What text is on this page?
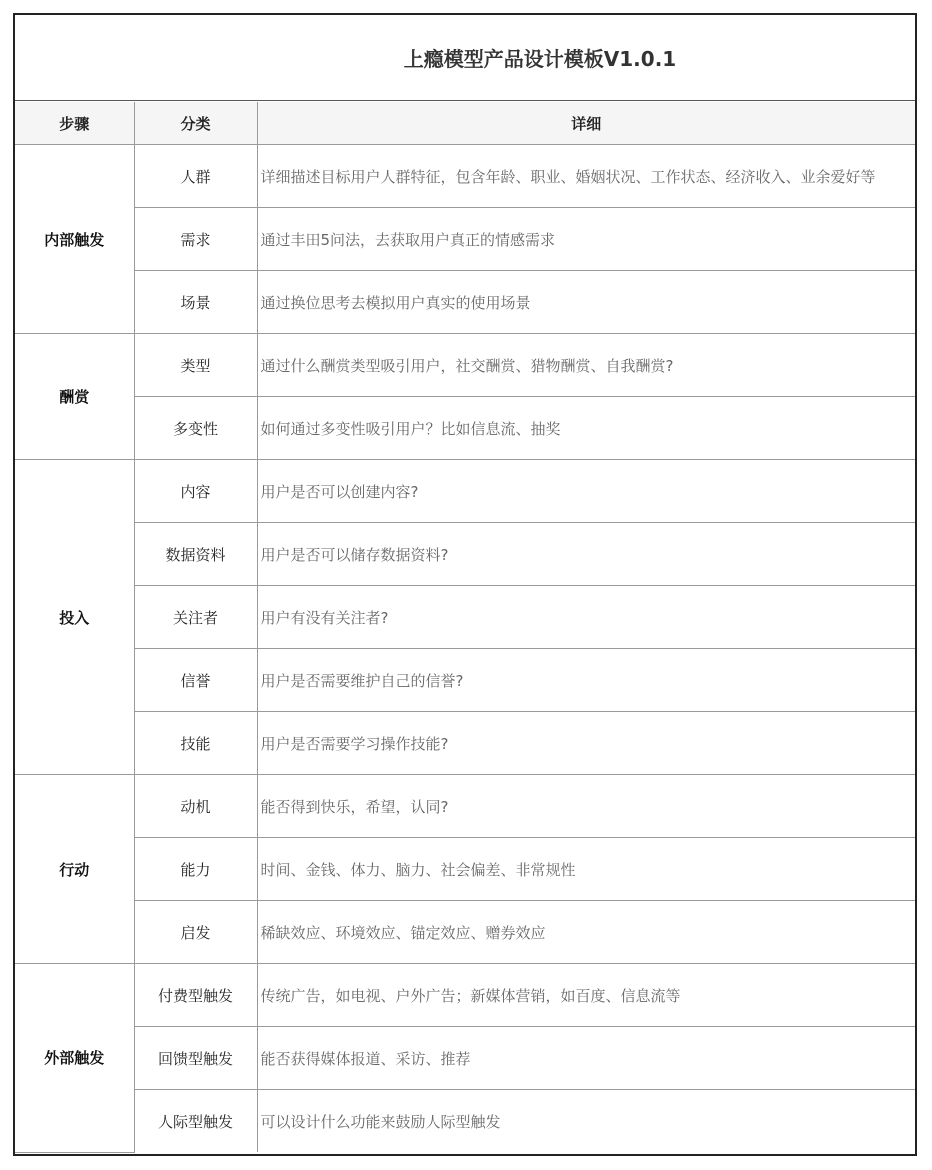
上瘾模型产品设计模板V1.0.1
步骤	分类	详细
内部触发	人群	详细描述目标用户人群特征，包含年龄、职业、婚姻状况、工作状态、经济收入、业余爱好等
	需求	通过丰田5问法，去获取用户真正的情感需求
	场景	通过换位思考去模拟用户真实的使用场景
酬赏	类型	通过什么酬赏类型吸引用户，社交酬赏、猎物酬赏、自我酬赏?
	多变性	如何通过多变性吸引用户？比如信息流、抽奖
投入	内容	用户是否可以创建内容?
	数据资料	用户是否可以储存数据资料?
	关注者	用户有没有关注者?
	信誉	用户是否需要维护自己的信誉?
	技能	用户是否需要学习操作技能?
行动	动机	能否得到快乐，希望，认同?
	能力	时间、金钱、体力、脑力、社会偏差、非常规性
	启发	稀缺效应、环境效应、锚定效应、赠券效应
外部触发	付费型触发	传统广告，如电视、户外广告；新媒体营销，如百度、信息流等
	回馈型触发	能否获得媒体报道、采访、推荐
	人际型触发	可以设计什么功能来鼓励人际型触发
